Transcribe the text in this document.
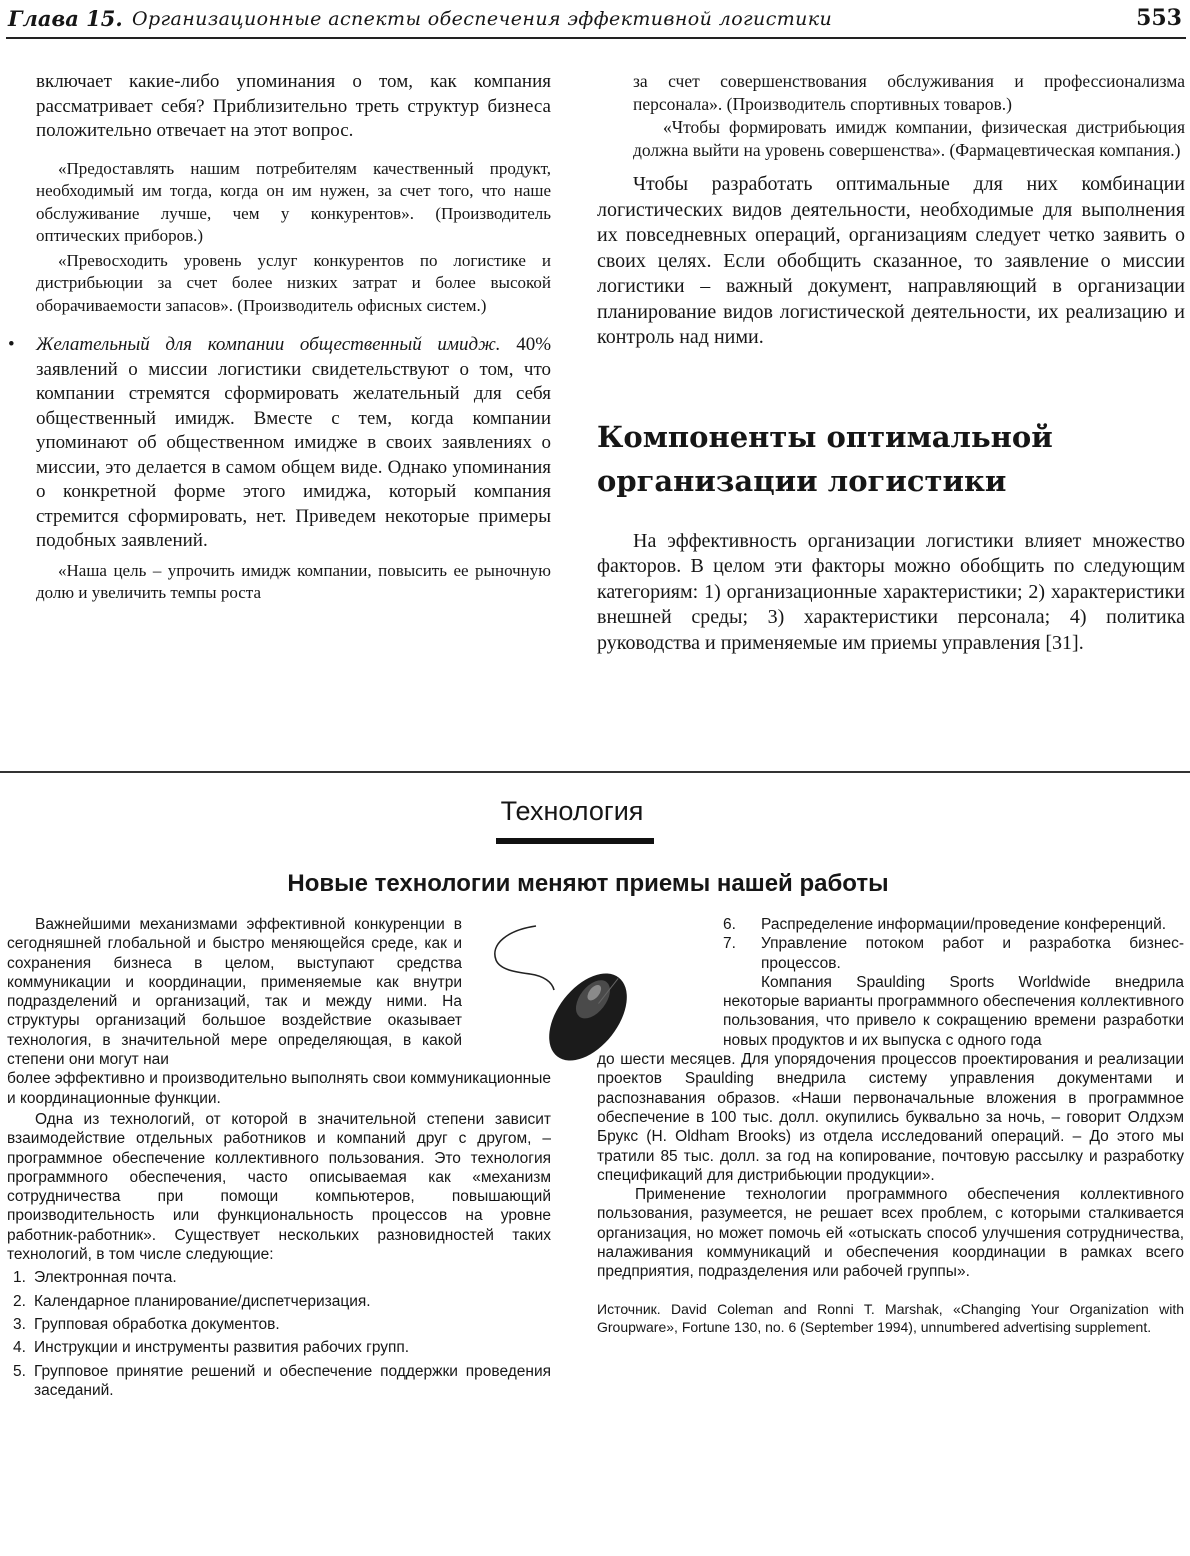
Глава 15. Организационные аспекты обеспечения эффективной логистики	553

включает какие-либо упоминания о том, как компания рассматривает себя? Приблизительно треть структур бизнеса положительно отвечает на этот вопрос.

«Предоставлять нашим потребителям качественный продукт, необходимый им тогда, когда он им нужен, за счет того, что наше обслуживание лучше, чем у конкурентов». (Производитель оптических приборов.)

«Превосходить уровень услуг конкурентов по логистике и дистрибьюции за счет более низких затрат и более высокой оборачиваемости запасов». (Производитель офисных систем.)

• Желательный для компании общественный имидж. 40% заявлений о миссии логистики свидетельствуют о том, что компании стремятся сформировать желательный для себя общественный имидж. Вместе с тем, когда компании упоминают об общественном имидже в своих заявлениях о миссии, это делается в самом общем виде. Однако упоминания о конкретной форме этого имиджа, который компания стремится сформировать, нет. Приведем некоторые примеры подобных заявлений.

«Наша цель – упрочить имидж компании, повысить ее рыночную долю и увеличить темпы роста

за счет совершенствования обслуживания и профессионализма персонала». (Производитель спортивных товаров.)

«Чтобы формировать имидж компании, физическая дистрибьюция должна выйти на уровень совершенства». (Фармацевтическая компания.)

Чтобы разработать оптимальные для них комбинации логистических видов деятельности, необходимые для выполнения их повседневных операций, организациям следует четко заявить о своих целях. Если обобщить сказанное, то заявление о миссии логистики – важный документ, направляющий в организации планирование видов логистической деятельности, их реализацию и контроль над ними.

Компоненты оптимальной организации логистики

На эффективность организации логистики влияет множество факторов. В целом эти факторы можно обобщить по следующим категориям: 1) организационные характеристики; 2) характеристики внешней среды; 3) характеристики персонала; 4) политика руководства и применяемые им приемы управления [31].

Технология
Новые технологии меняют приемы нашей работы

Важнейшими механизмами эффективной конкуренции в сегодняшней глобальной и быстро меняющейся среде, как и сохранения бизнеса в целом, выступают средства коммуникации и координации, применяемые как внутри подразделений и организаций, так и между ними. На структуры организаций большое воздействие оказывает технология, в значительной мере определяющая, в какой степени они могут наи

более эффективно и производительно выполнять свои коммуникационные и координационные функции.

Одна из технологий, от которой в значительной степени зависит взаимодействие отдельных работников и компаний друг с другом, – программное обеспечение коллективного пользования. Это технология программного обеспечения, часто описываемая как «механизм сотрудничества при помощи компьютеров, повышающий производительность или функциональность процессов на уровне работник-работник». Существует нескольких разновидностей таких технологий, в том числе следующие:

1. Электронная почта.
2. Календарное планирование/диспетчеризация.
3. Групповая обработка документов.
4. Инструкции и инструменты развития рабочих групп.
5. Групповое принятие решений и обеспечение поддержки проведения заседаний.
6. Распределение информации/проведение конференций.
7. Управление потоком работ и разработка бизнес-процессов.

Компания Spaulding Sports Worldwide внедрила некоторые варианты программного обеспечения коллективного пользования, что привело к сокращению времени разработки новых продуктов и их выпуска с одного года

до шести месяцев. Для упорядочения процессов проектирования и реализации проектов Spaulding внедрила систему управления документами и распознавания образов. «Наши первоначальные вложения в программное обеспечение в 100 тыс. долл. окупились буквально за ночь, – говорит Олдхэм Брукс (H. Oldham Brooks) из отдела исследований операций. – До этого мы тратили 85 тыс. долл. за год на копирование, почтовую рассылку и разработку спецификаций для дистрибьюции продукции».

Применение технологии программного обеспечения коллективного пользования, разумеется, не решает всех проблем, с которыми сталкивается организация, но может помочь ей «отыскать способ улучшения сотрудничества, налаживания коммуникаций и обеспечения координации в рамках всего предприятия, подразделения или рабочей группы».

Источник. David Coleman and Ronni T. Marshak, «Changing Your Organization with Groupware», Fortune 130, no. 6 (September 1994), unnumbered advertising supplement.
